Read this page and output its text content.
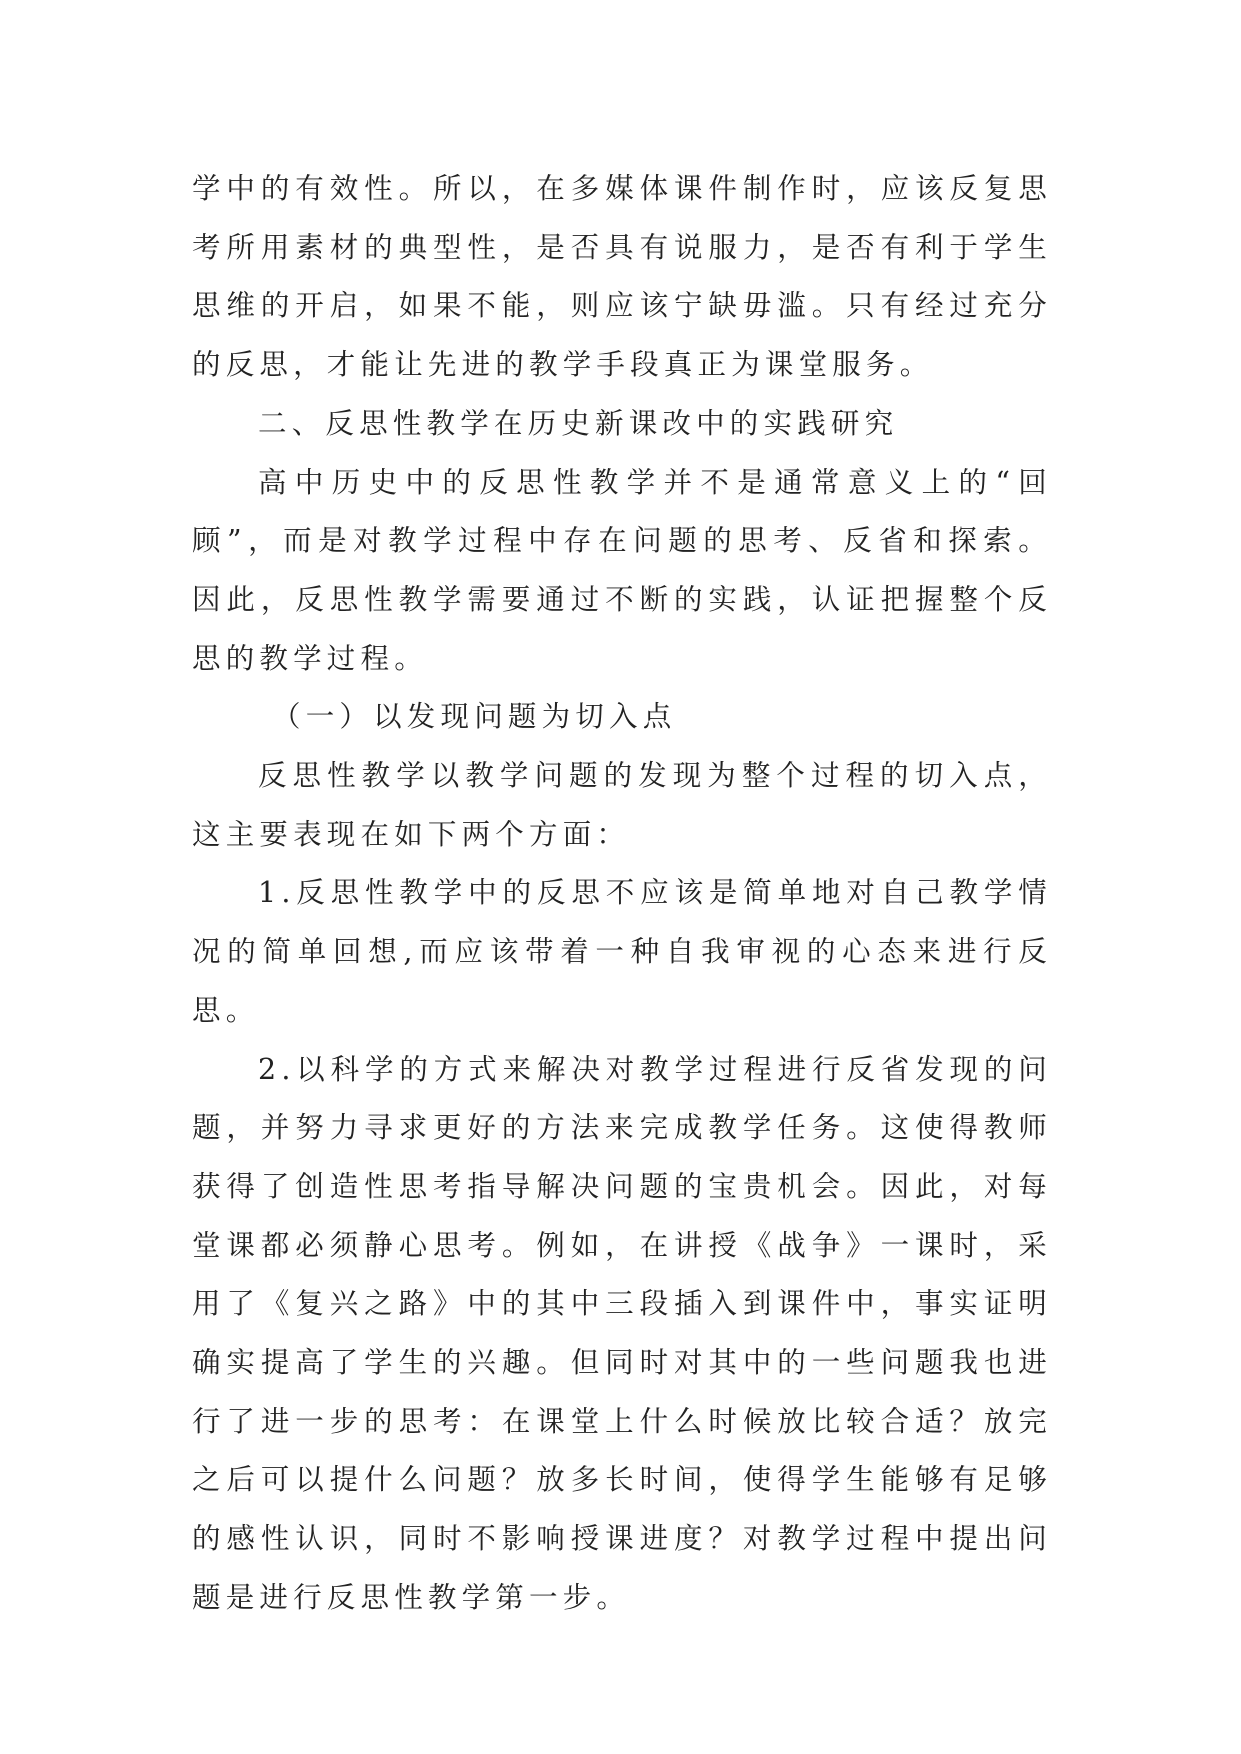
学中的有效性。所以，在多媒体课件制作时，应该反复思考所用素材的典型性，是否具有说服力，是否有利于学生思维的开启，如果不能，则应该宁缺毋滥。只有经过充分的反思，才能让先进的教学手段真正为课堂服务。

二、反思性教学在历史新课改中的实践研究

高中历史中的反思性教学并不是通常意义上的“回顾”，而是对教学过程中存在问题的思考、反省和探索。因此，反思性教学需要通过不断的实践，认证把握整个反思的教学过程。

（一）以发现问题为切入点

反思性教学以教学问题的发现为整个过程的切入点，这主要表现在如下两个方面：

1.反思性教学中的反思不应该是简单地对自己教学情况的简单回想,而应该带着一种自我审视的心态来进行反思。

2.以科学的方式来解决对教学过程进行反省发现的问题，并努力寻求更好的方法来完成教学任务。这使得教师获得了创造性思考指导解决问题的宝贵机会。因此，对每堂课都必须静心思考。例如，在讲授《战争》一课时，采用了《复兴之路》中的其中三段插入到课件中，事实证明确实提高了学生的兴趣。但同时对其中的一些问题我也进行了进一步的思考：在课堂上什么时候放比较合适？放完之后可以提什么问题？放多长时间，使得学生能够有足够的感性认识，同时不影响授课进度？对教学过程中提出问题是进行反思性教学第一步。
